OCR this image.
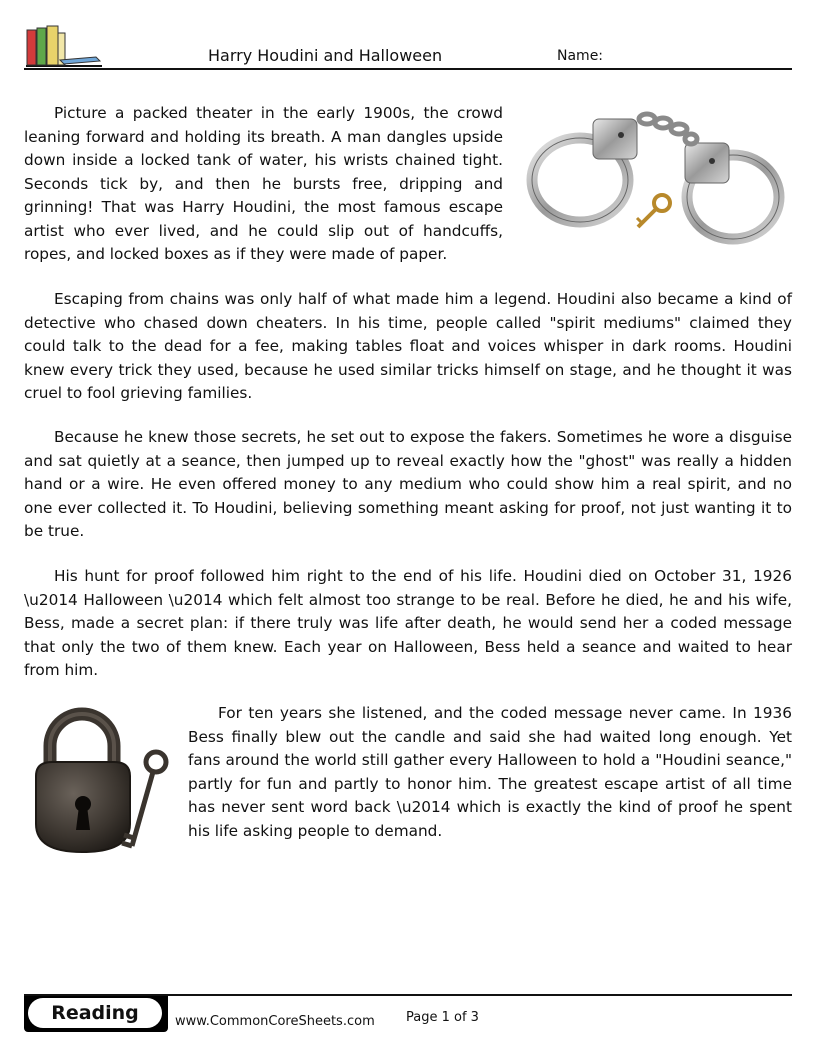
Harry Houdini and Halloween	Name:

Picture a packed theater in the early 1900s, the crowd leaning forward and holding its breath. A man dangles upside down inside a locked tank of water, his wrists chained tight. Seconds tick by, and then he bursts free, dripping and grinning! That was Harry Houdini, the most famous escape artist who ever lived, and he could slip out of handcuffs, ropes, and locked boxes as if they were made of paper.

Escaping from chains was only half of what made him a legend. Houdini also became a kind of detective who chased down cheaters. In his time, people called "spirit mediums" claimed they could talk to the dead for a fee, making tables float and voices whisper in dark rooms. Houdini knew every trick they used, because he used similar tricks himself on stage, and he thought it was cruel to fool grieving families.

Because he knew those secrets, he set out to expose the fakers. Sometimes he wore a disguise and sat quietly at a seance, then jumped up to reveal exactly how the "ghost" was really a hidden hand or a wire. He even offered money to any medium who could show him a real spirit, and no one ever collected it. To Houdini, believing something meant asking for proof, not just wanting it to be true.

His hunt for proof followed him right to the end of his life. Houdini died on October 31, 1926 \u2014 Halloween \u2014 which felt almost too strange to be real. Before he died, he and his wife, Bess, made a secret plan: if there truly was life after death, he would send her a coded message that only the two of them knew. Each year on Halloween, Bess held a seance and waited to hear from him.

For ten years she listened, and the coded message never came. In 1936 Bess finally blew out the candle and said she had waited long enough. Yet fans around the world still gather every Halloween to hold a "Houdini seance," partly for fun and partly to honor him. The greatest escape artist of all time has never sent word back \u2014 which is exactly the kind of proof he spent his life asking people to demand.

Reading	www.CommonCoreSheets.com Page 1 of 3
